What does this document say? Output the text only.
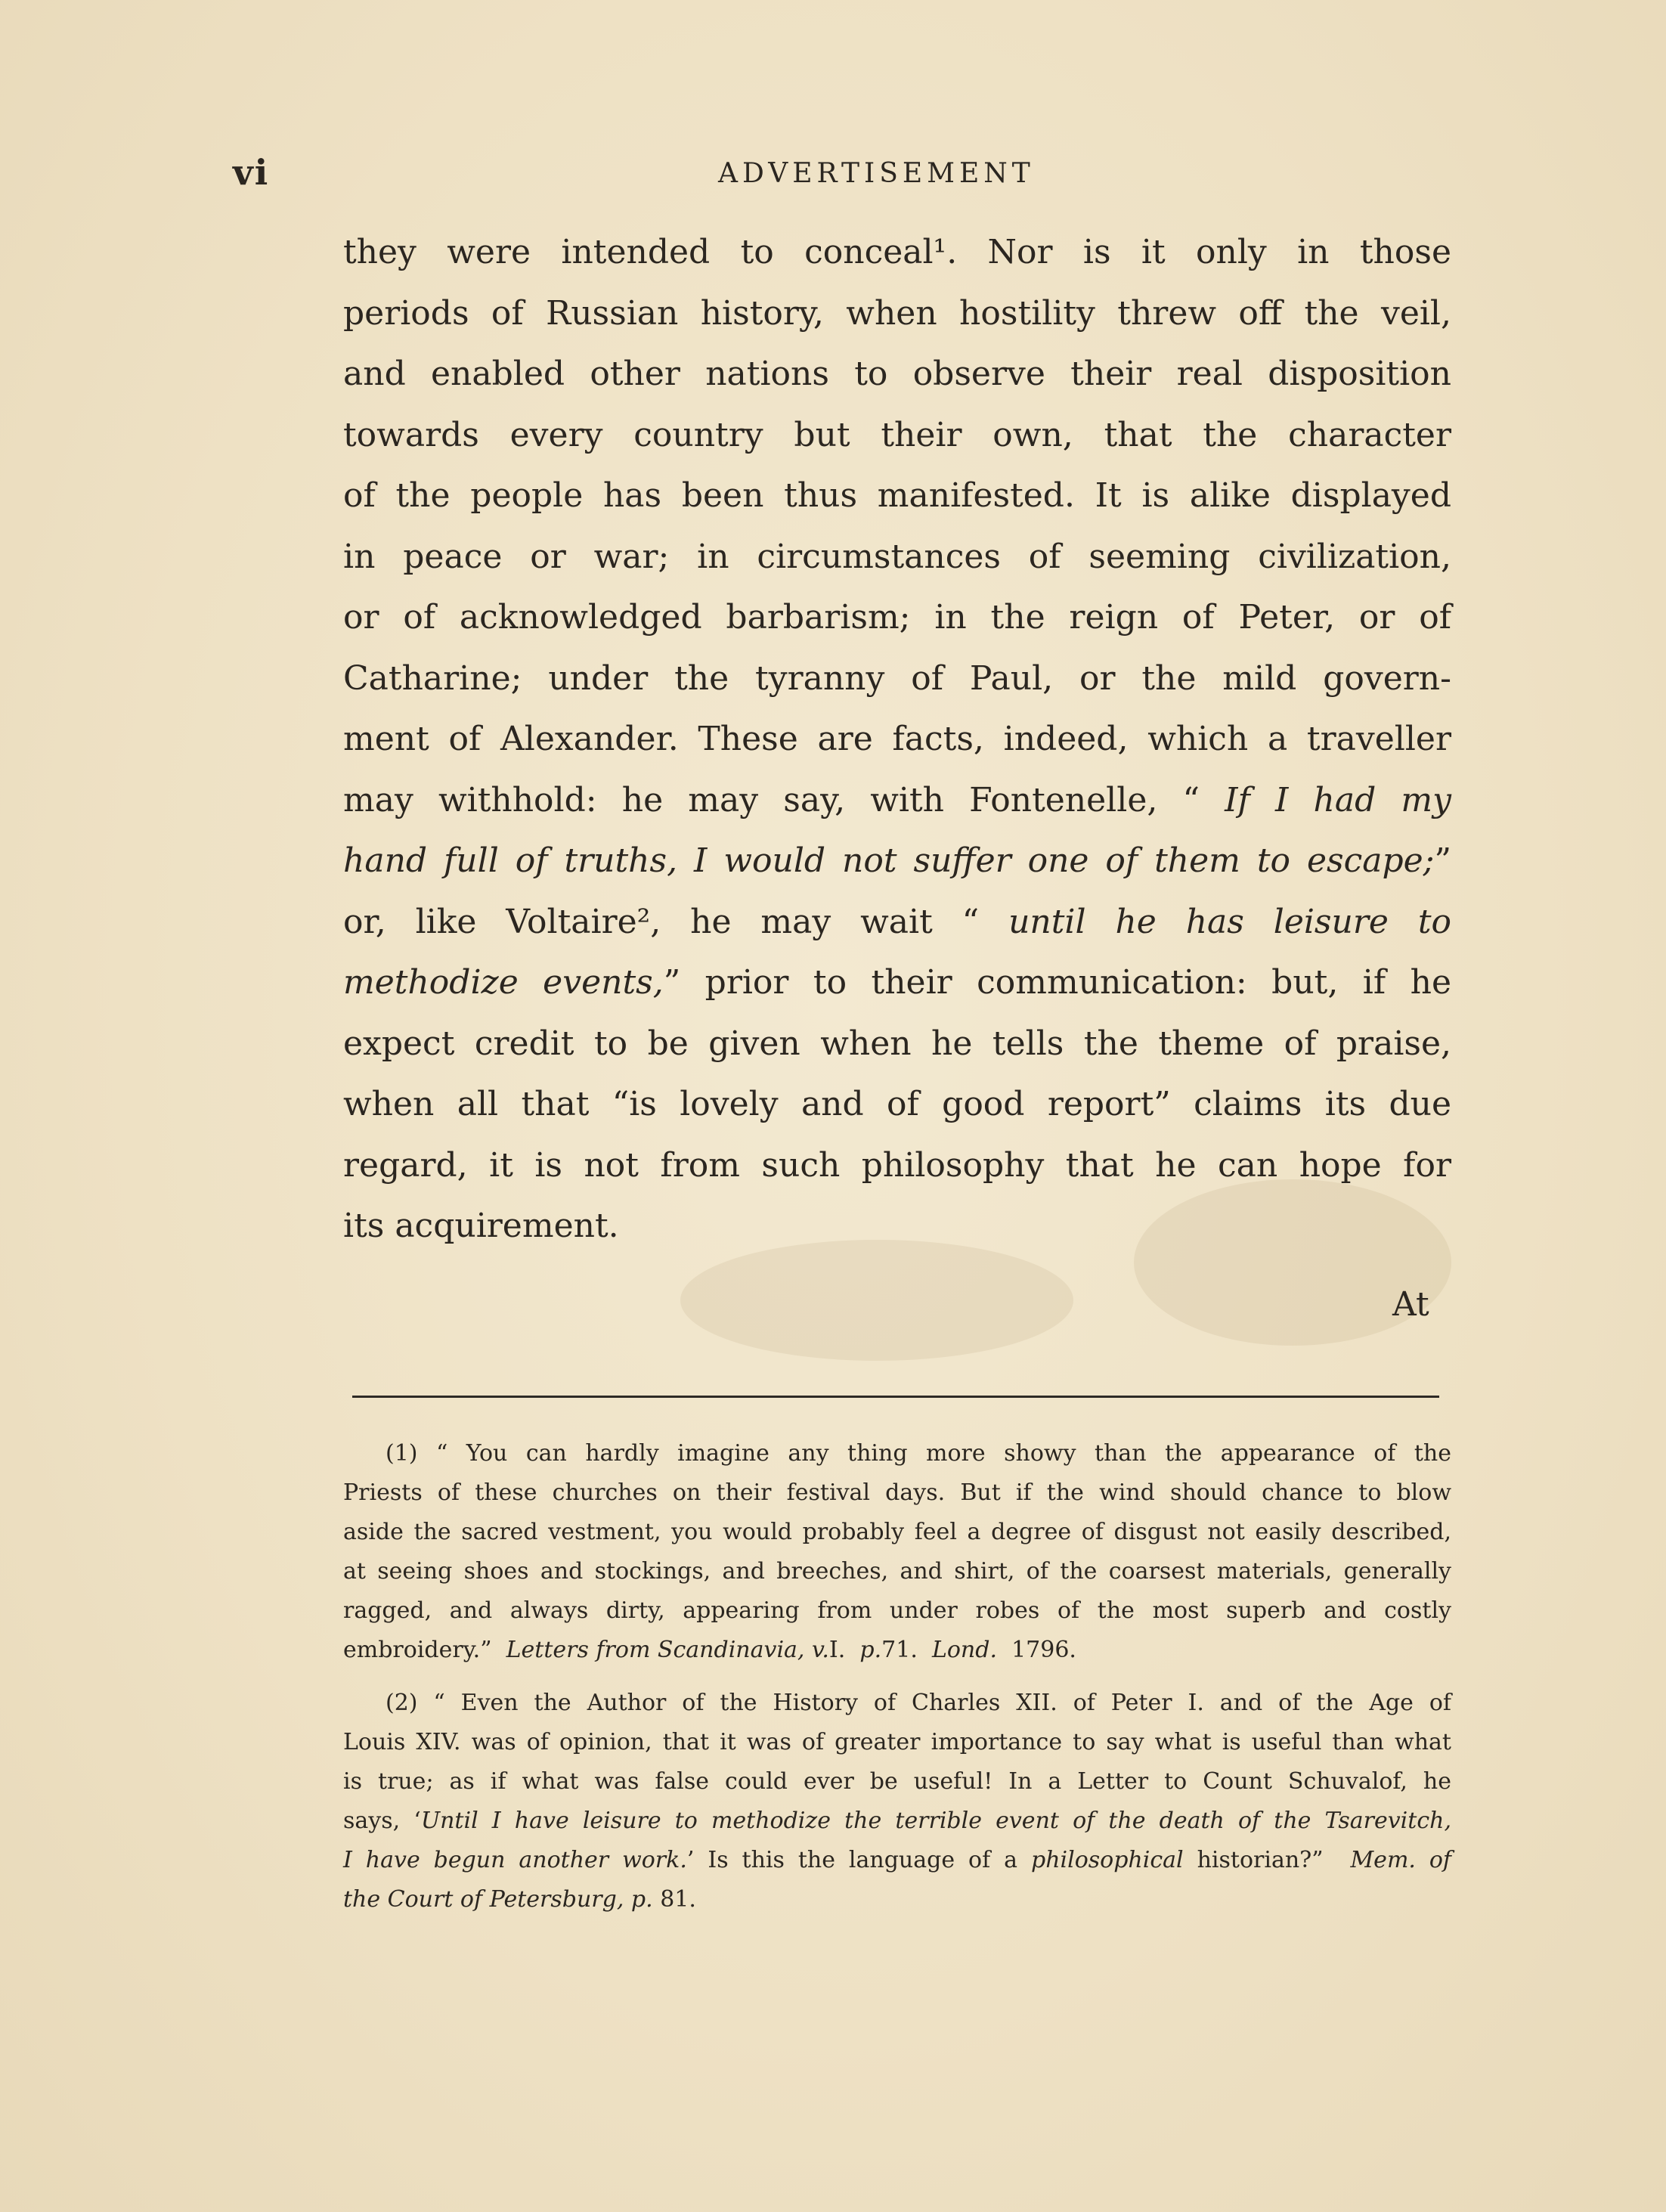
vi	ADVERTISEMENT

they were intended to conceal¹. Nor is it only in those

periods of Russian history, when hostility threw off the veil,

and enabled other nations to observe their real disposition

towards every country but their own, that the character

of the people has been thus manifested. It is alike displayed

in peace or war; in circumstances of seeming civilization,

or of acknowledged barbarism; in the reign of Peter, or of

Catharine; under the tyranny of Paul, or the mild govern-

ment of Alexander. These are facts, indeed, which a traveller

may withhold: he may say, with Fontenelle, “ If I had my

hand full of truths, I would not suffer one of them to escape;”

or, like Voltaire², he may wait “ until he has leisure to

methodize events,” prior to their communication: but, if he

expect credit to be given when he tells the theme of praise,

when all that “is lovely and of good report” claims its due

regard, it is not from such philosophy that he can hope for

its acquirement.

At

(1) “ You can hardly imagine any thing more showy than the appearance of the

Priests of these churches on their festival days. But if the wind should chance to blow

aside the sacred vestment, you would probably feel a degree of disgust not easily described,

at seeing shoes and stockings, and breeches, and shirt, of the coarsest materials, generally

ragged, and always dirty, appearing from under robes of the most superb and costly

embroidery.” Letters from Scandinavia, v.I. p.71. Lond. 1796.

(2) “ Even the Author of the History of Charles XII. of Peter I. and of the Age of

Louis XIV. was of opinion, that it was of greater importance to say what is useful than what

is true; as if what was false could ever be useful! In a Letter to Count Schuvalof, he

says, ‘Until I have leisure to methodize the terrible event of the death of the Tsarevitch,

I have begun another work.’ Is this the language of a philosophical historian?” Mem. of

the Court of Petersburg, p. 81.
